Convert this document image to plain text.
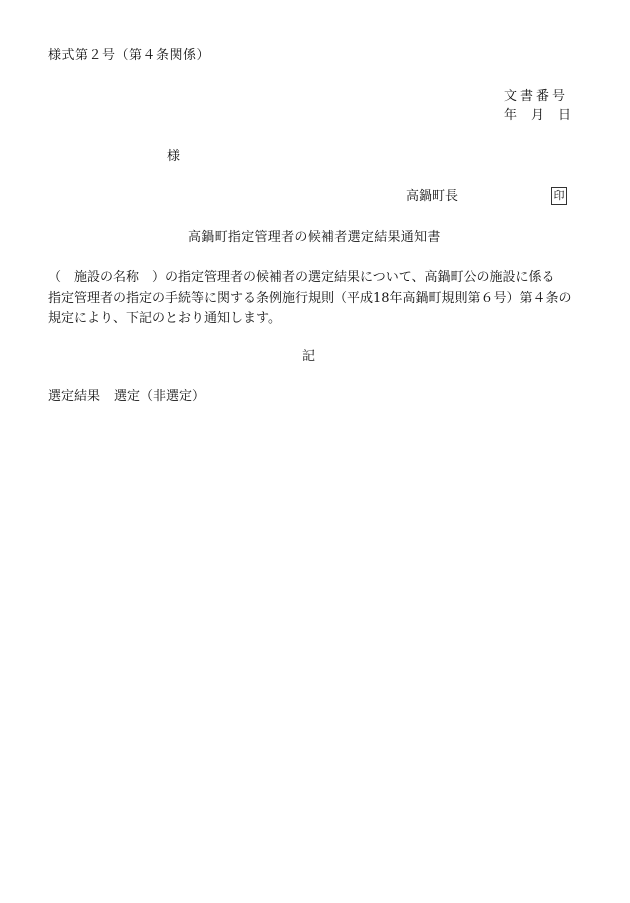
様式第２号（第４条関係）
文書番号
年　月　日
様
高鍋町長	印
高鍋町指定管理者の候補者選定結果通知書
（　施設の名称　）の指定管理者の候補者の選定結果について、高鍋町公の施設に係る
指定管理者の指定の手続等に関する条例施行規則（平成18年高鍋町規則第６号）第４条の
規定により、下記のとおり通知します。
記
選定結果 選定（非選定）
